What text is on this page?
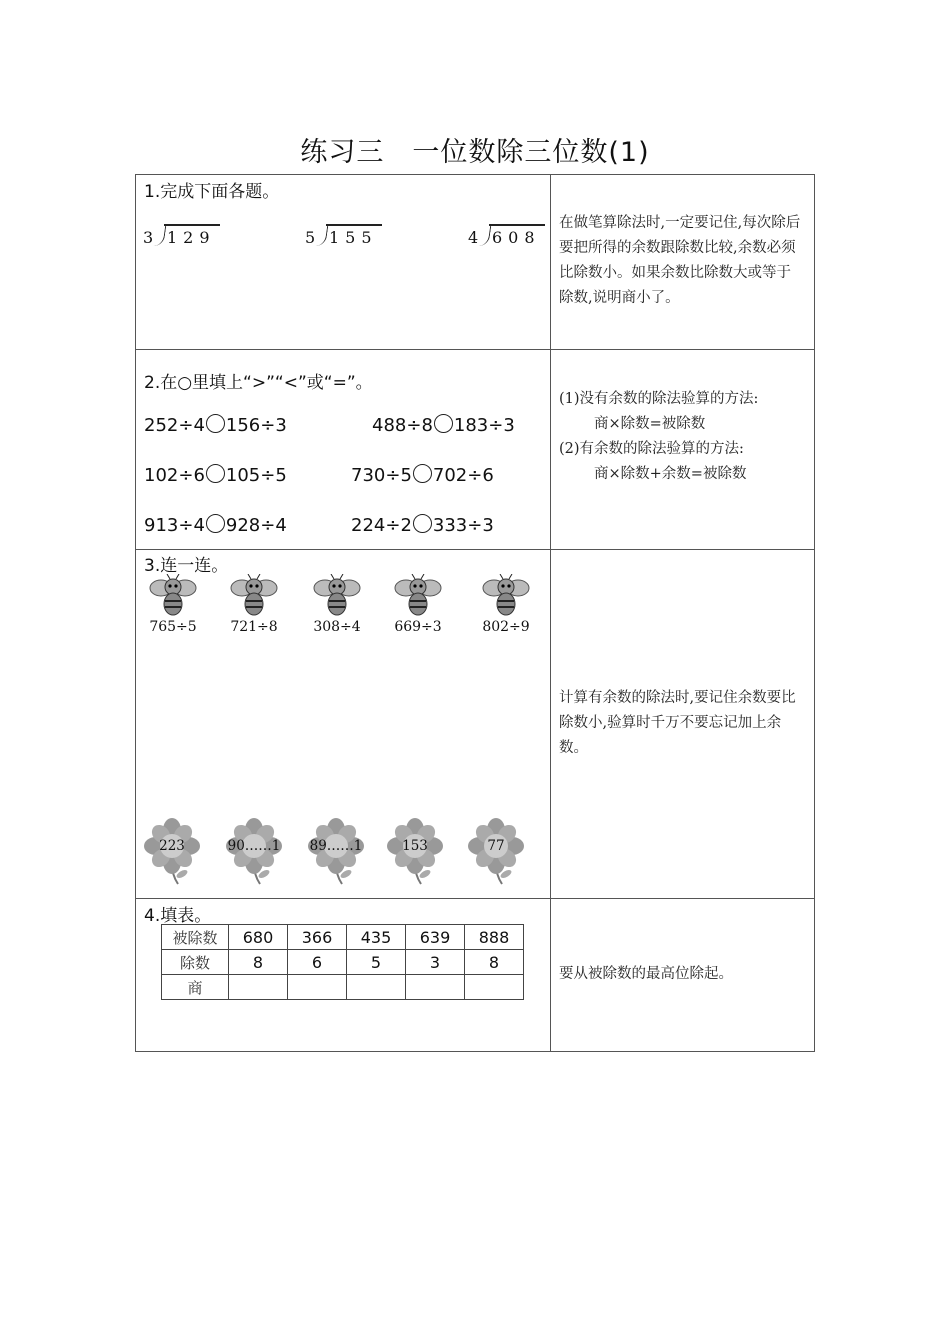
练习三　一位数除三位数(1)
1.完成下面各题。
3 129	5 155	4 608
在做笔算除法时,一定要记住,每次除后要把所得的余数跟除数比较,余数必须比除数小。如果余数比除数大或等于除数,说明商小了。
2.在○里填上“>”“<”或“=”。
252÷4 156÷3	488÷8 183÷3
102÷6 105÷5	730÷5 702÷6
913÷4 928÷4	224÷2 333÷3
(1)没有余数的除法验算的方法:
商×除数=被除数
(2)有余数的除法验算的方法:
商×除数+余数=被除数
3.连一连。
765÷5	721÷8	308÷4	669÷3	802÷9
223	90……1	89……1	153	77
计算有余数的除法时,要记住余数要比除数小,验算时千万不要忘记加上余数。
4.填表。
被除数	680	366	435	639	888
除数	8	6	5	3	8
商					
要从被除数的最高位除起。
